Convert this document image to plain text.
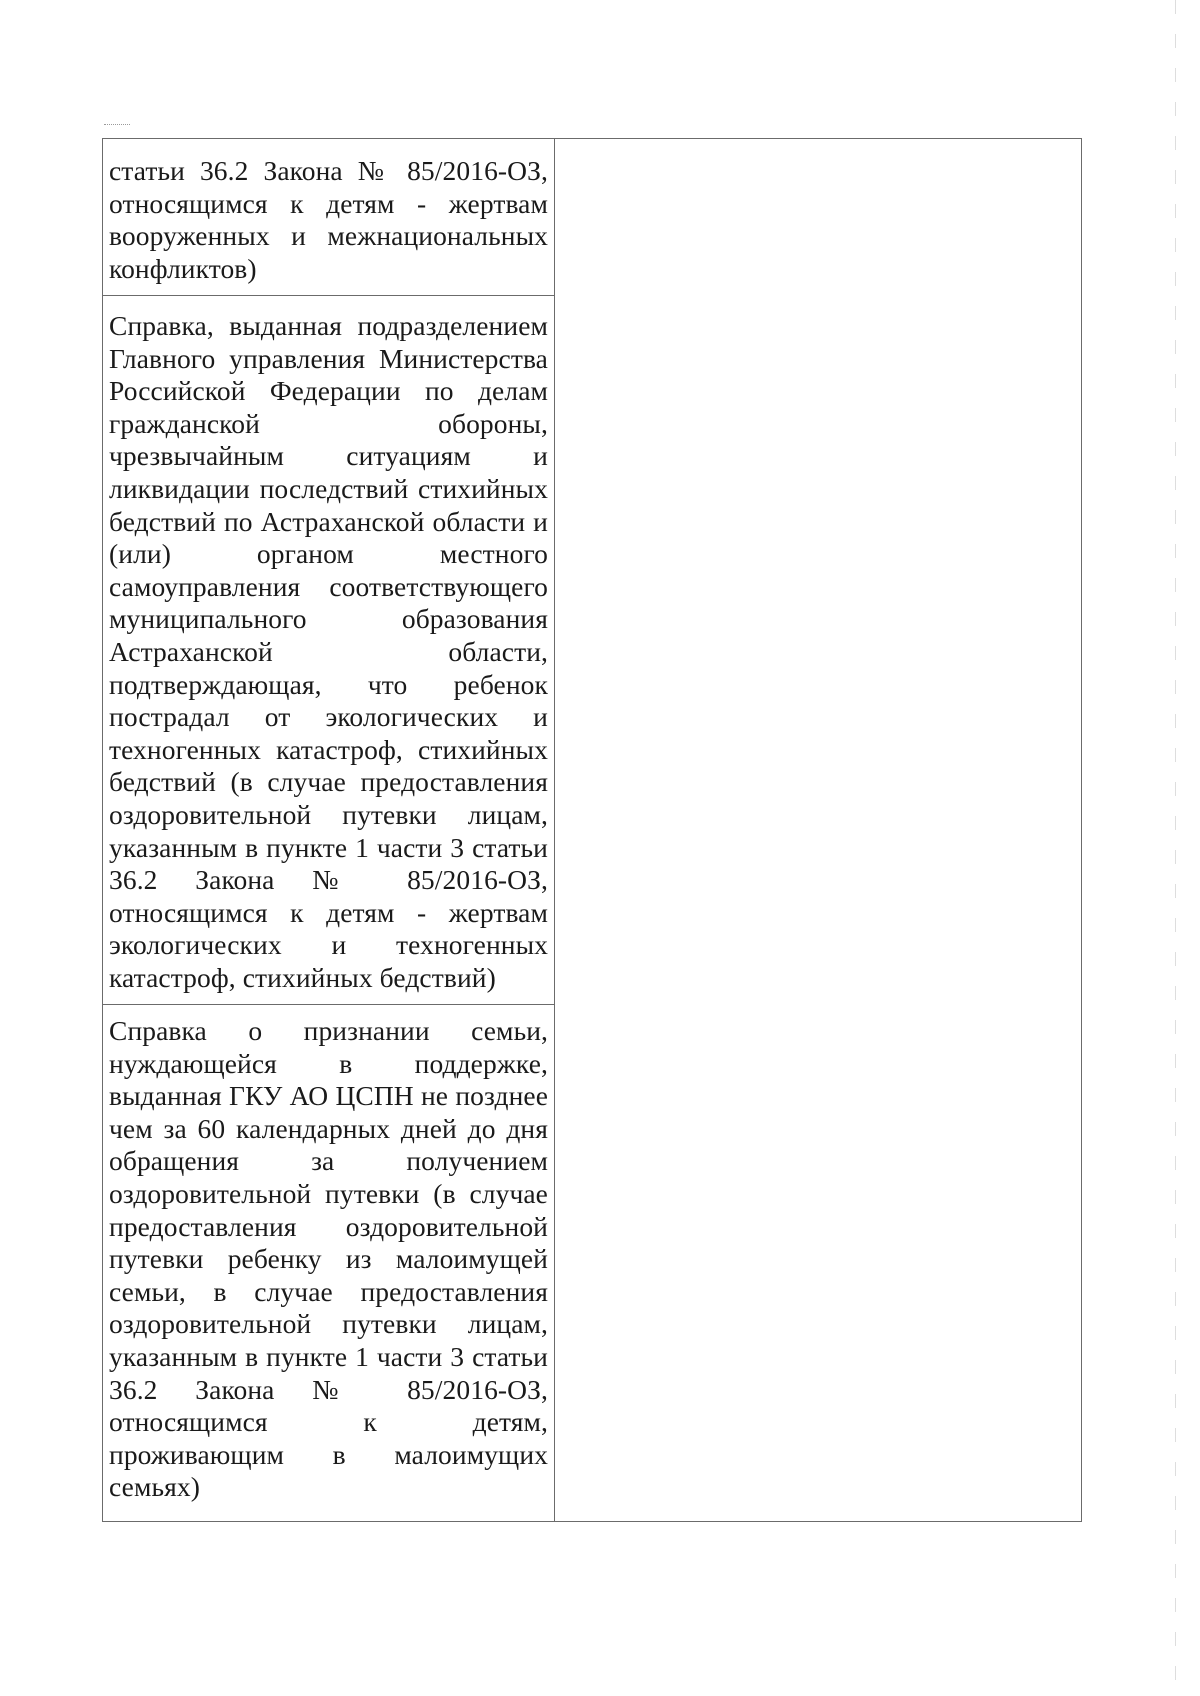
статьи 36.2 Закона № 85/2016-ОЗ, относящимся к детям - жертвам вооруженных и межнациональных конфликтов)

Справка, выданная подразделением Главного управления Министерства Российской Федерации по делам гражданской обороны, чрезвычайным ситуациям и ликвидации последствий стихийных бедствий по Астраханской области и (или) органом местного самоуправления соответствующего муниципального образования Астраханской области, подтверждающая, что ребенок пострадал от экологических и техногенных катастроф, стихийных бедствий (в случае предоставления оздоровительной путевки лицам, указанным в пункте 1 части 3 статьи 36.2 Закона № 85/2016-ОЗ, относящимся к детям - жертвам экологических и техногенных катастроф, стихийных бедствий)

Справка о признании семьи, нуждающейся в поддержке, выданная ГКУ АО ЦСПН не позднее чем за 60 календарных дней до дня обращения за получением оздоровительной путевки (в случае предоставления оздоровительной путевки ребенку из малоимущей семьи, в случае предоставления оздоровительной путевки лицам, указанным в пункте 1 части 3 статьи 36.2 Закона № 85/2016-ОЗ, относящимся к детям, проживающим в малоимущих семьях)
